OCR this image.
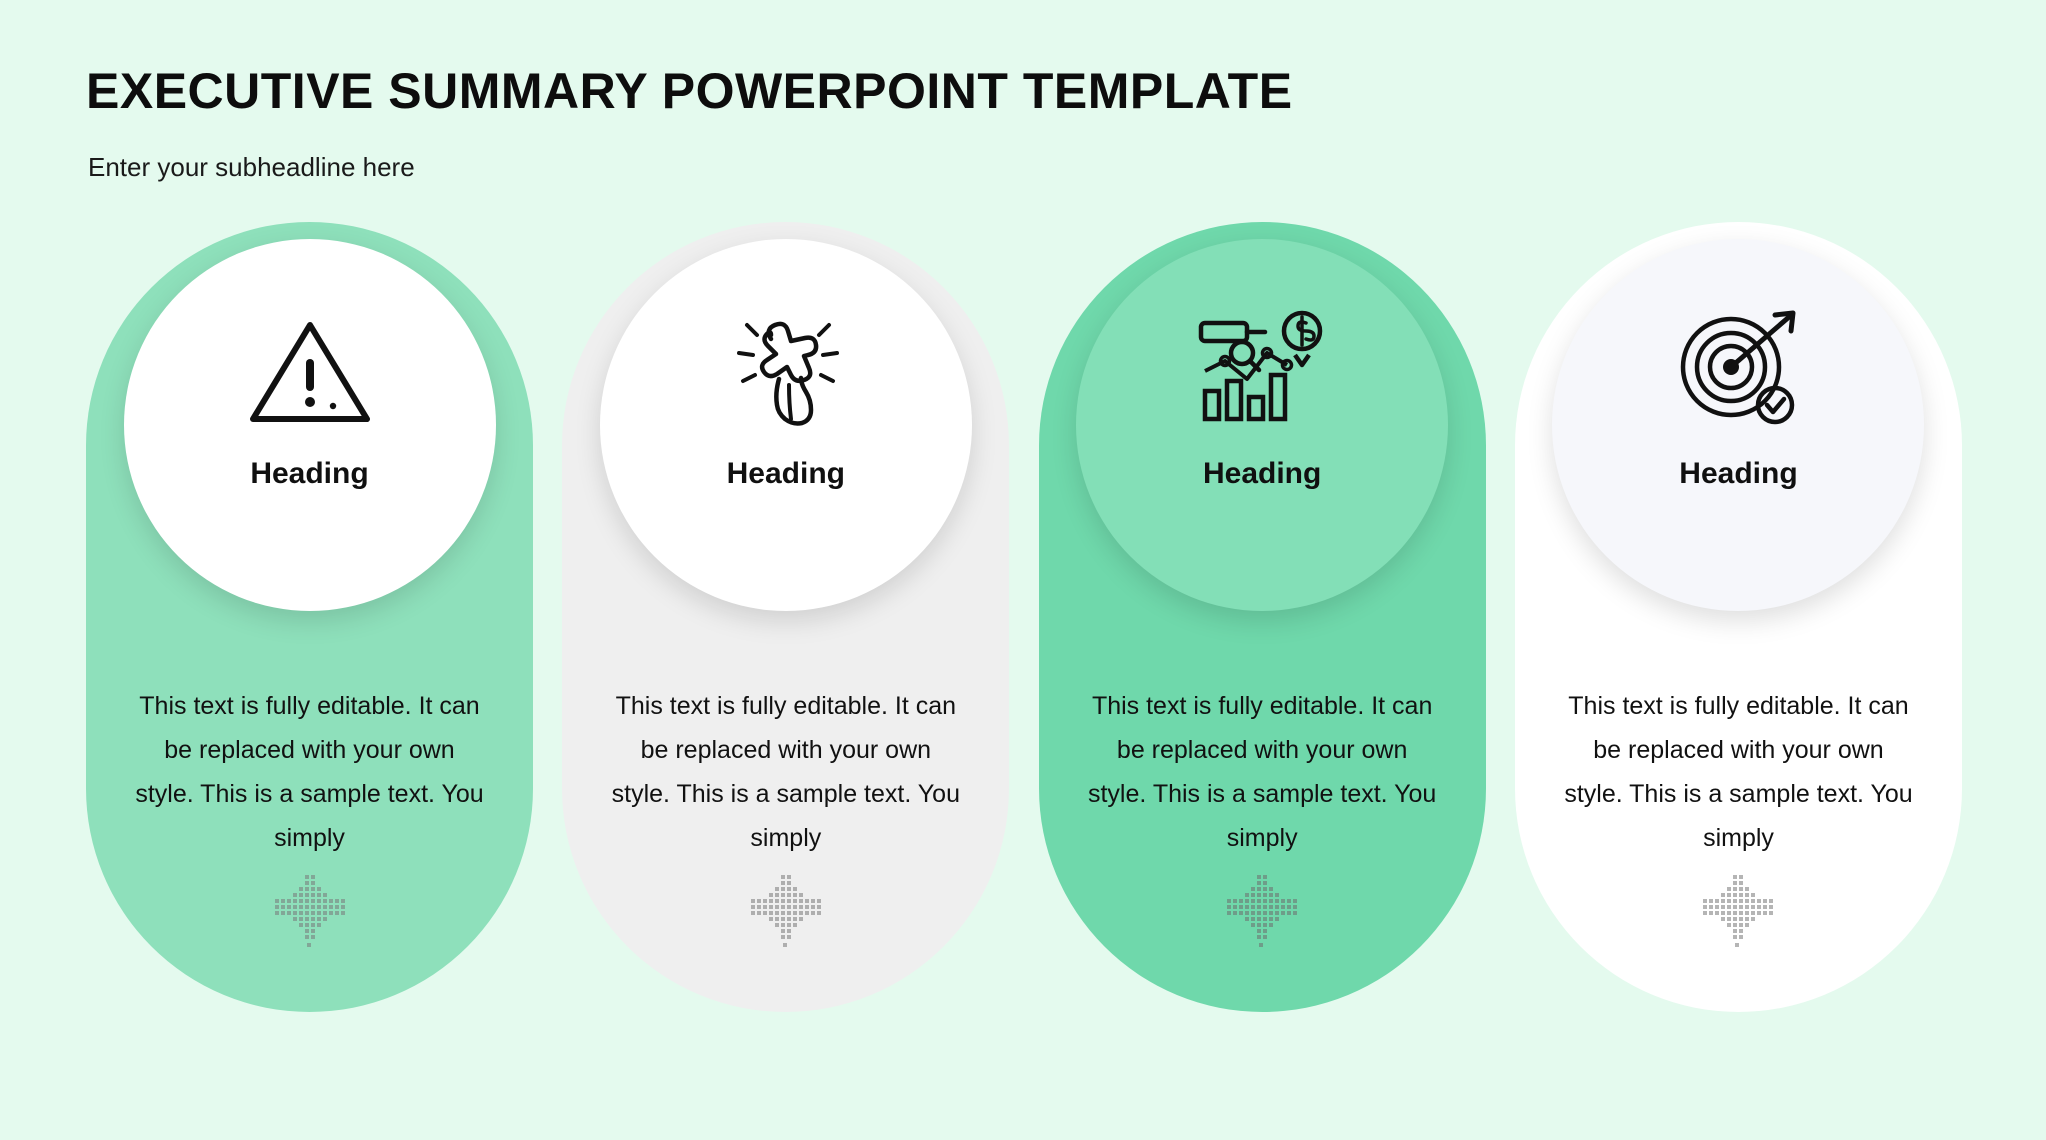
EXECUTIVE SUMMARY POWERPOINT TEMPLATE
Enter your subheadline here
Heading
This text is fully editable. It can be replaced with your own style. This is a sample text. You simply
Heading
This text is fully editable. It can be replaced with your own style. This is a sample text. You simply
Heading
This text is fully editable. It can be replaced with your own style. This is a sample text. You simply
Heading
This text is fully editable. It can be replaced with your own style. This is a sample text. You simply
